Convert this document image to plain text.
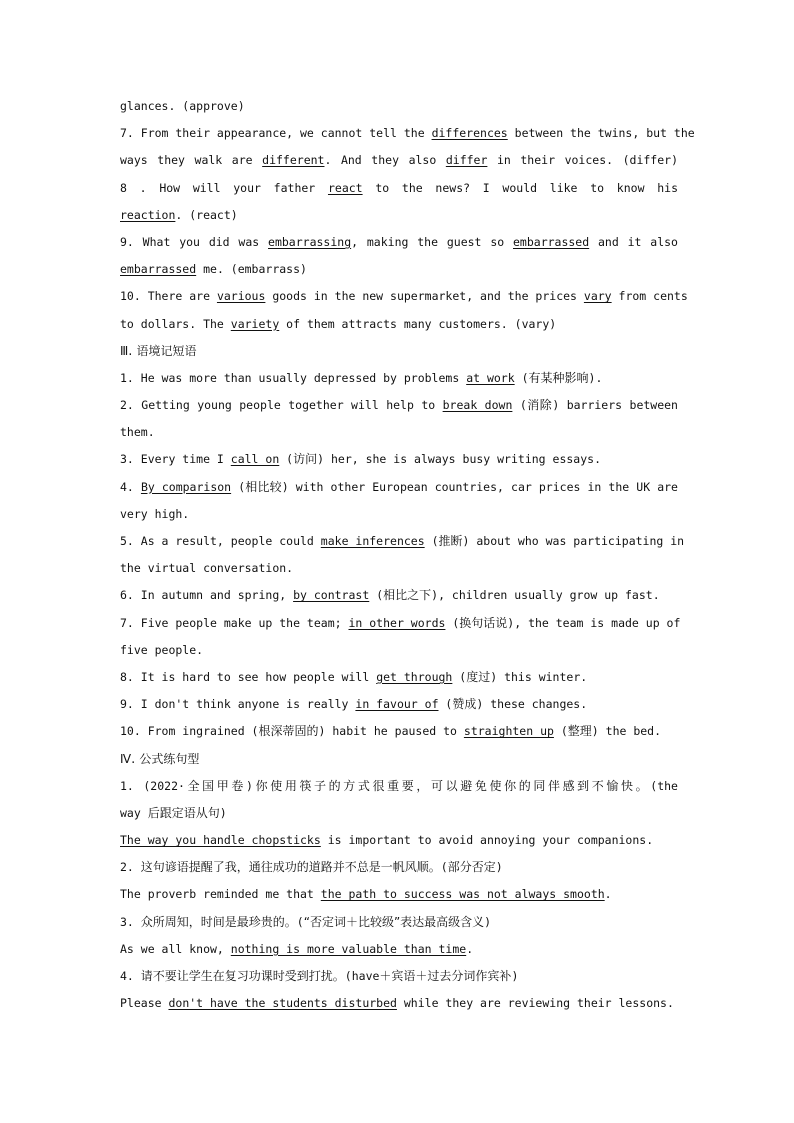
glances. (approve)
7. From their appearance, we cannot tell the differences between the twins, but the
ways they walk are different. And they also differ in their voices. (differ)
8 . How will your father react to the news? I would like to know his
reaction. (react)
9. What you did was embarrassing, making the guest so embarrassed and it also
embarrassed me. (embarrass)
10. There are various goods in the new supermarket, and the prices vary from cents
to dollars. The variety of them attracts many customers. (vary)
Ⅲ. 语境记短语
1. He was more than usually depressed by problems at work (有某种影响).
2. Getting young people together will help to break down (消除) barriers between
them.
3. Every time I call on (访问) her, she is always busy writing essays.
4. By comparison (相比较) with other European countries, car prices in the UK are
very high.
5. As a result, people could make inferences (推断) about who was participating in
the virtual conversation.
6. In autumn and spring, by contrast (相比之下), children usually grow up fast.
7. Five people make up the team; in other words (换句话说), the team is made up of
five people.
8. It is hard to see how people will get through (度过) this winter.
9. I don't think anyone is really in favour of (赞成) these changes.
10. From ingrained (根深蒂固的) habit he paused to straighten up (整理) the bed.
Ⅳ. 公式练句型
1. (2022·全国甲卷)你使用筷子的方式很重要，可以避免使你的同伴感到不愉快。(the
way 后跟定语从句)
The way you handle chopsticks is important to avoid annoying your companions.
2. 这句谚语提醒了我，通往成功的道路并不总是一帆风顺。(部分否定)
The proverb reminded me that the path to success was not always smooth.
3. 众所周知，时间是最珍贵的。(“否定词＋比较级”表达最高级含义)
As we all know, nothing is more valuable than time.
4. 请不要让学生在复习功课时受到打扰。(have＋宾语＋过去分词作宾补)
Please don't have the students disturbed while they are reviewing their lessons.
